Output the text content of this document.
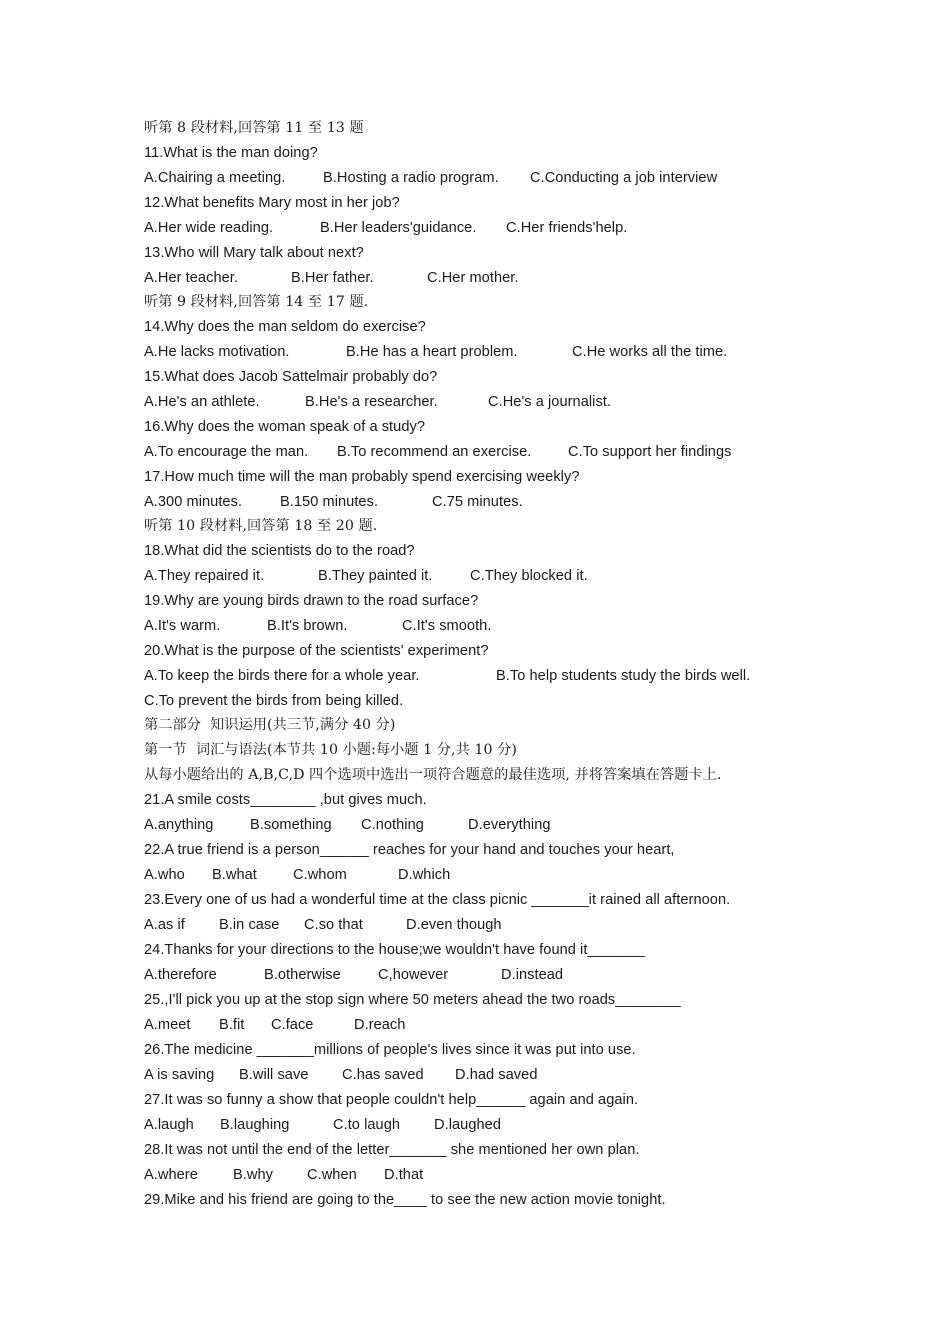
听第 8 段材料,回答第 11 至 13 题
11.What is the man doing?

A.Chairing a meeting.

	B.Hosting a radio program.

C.Conducting a job interview

12.What benefits Mary most in her job?

A.Her wide reading.

	B.Her leaders'guidance.

C.Her friends'help.

13.Who will Mary talk about next?

A.Her teacher.

	B.Her father.

	C.Her mother.

听第 9 段材料,回答第 14 至 17 题.
14.Why does the man seldom do exercise?

A.He lacks motivation.

	B.He has a heart problem.

	C.He works all the time.

15.What does Jacob Sattelmair probably do?

A.He's an athlete.

	B.He's a researcher.

	C.He's a journalist.

16.Why does the woman speak of a study?

A.To encourage the man.

B.To recommend an exercise.

	C.To support her findings

17.How much time will the man probably spend exercising weekly?

A.300 minutes.

	B.150 minutes.

	C.75 minutes.

听第 10 段材料,回答第 18 至 20 题.
18.What did the scientists do to the road?

A.They repaired it.

	B.They painted it.

	C.They blocked it.

19.Why are young birds drawn to the road surface?

A.It's warm.

	B.It's brown.

	C.It's smooth.

20.What is the purpose of the scientists' experiment?

A.To keep the birds there for a whole year.

	B.To help students study the birds well.

C.To prevent the birds from being killed.
第二部分  知识运用(共三节,满分 40 分)
第一节  词汇与语法(本节共 10 小题:每小题 1 分,共 10 分)
从每小题给出的 A,B,C,D 四个选项中选出一项符合题意的最佳选项, 并将答案填在答题卡上.
21.A smile costs________ ,but gives much.

A.anything

	B.something

C.nothing

	D.everything

22.A true friend is a person______ reaches for your hand and touches your heart,

A.who

B.what

C.whom

	D.which

23.Every one of us had a wonderful time at the class picnic _______it rained all afternoon.

A.as if

B.in case

C.so that

	D.even though

24.Thanks for your directions to the house;we wouldn't have found it_______

A.therefore

	B.otherwise

	C,however

	D.instead

25.,I'll pick you up at the stop sign where 50 meters ahead the two roads________

A.meet

B.fit

C.face

	D.reach

26.The medicine _______millions of people's lives since it was put into use.

A is saving

B.will save

C.has saved

D.had saved

27.It was so funny a show that people couldn't help______ again and again.

A.laugh

B.laughing

	C.to laugh

D.laughed

28.It was not until the end of the letter_______ she mentioned her own plan.

A.where

B.why

C.when

D.that

29.Mike and his friend are going to the____ to see the new action movie tonight.
